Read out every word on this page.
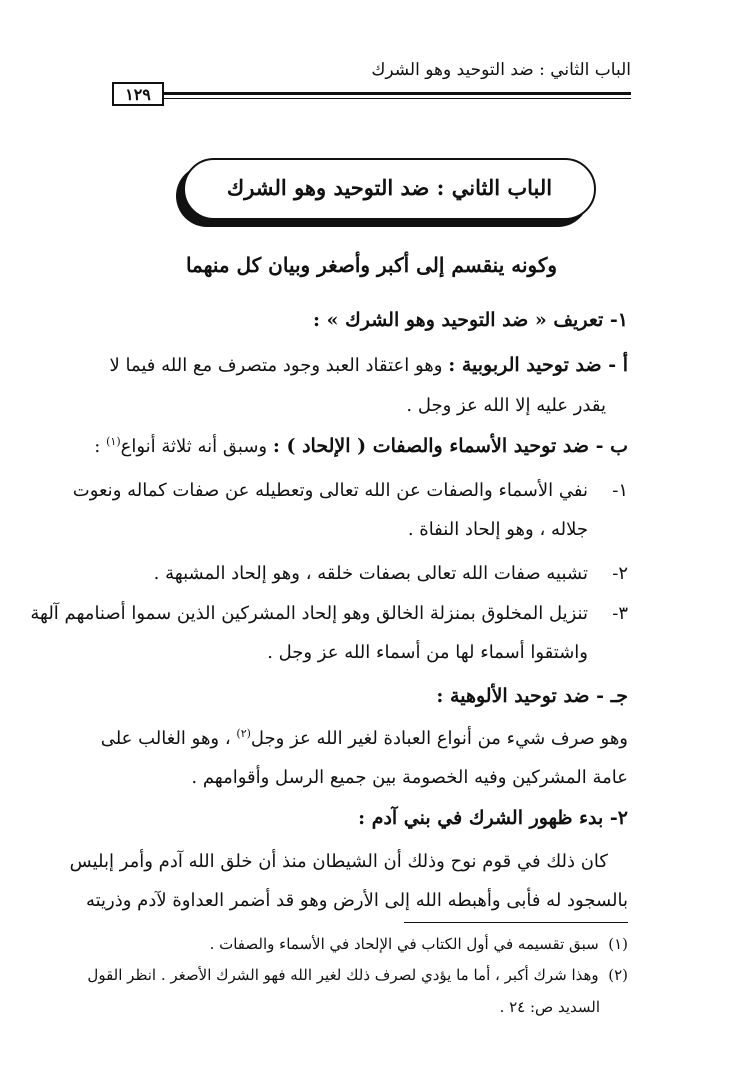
الباب الثاني : ضد التوحيد وهو الشرك
١٢٩
الباب الثاني : ضد التوحيد وهو الشرك
وكونه ينقسم إلى أكبر وأصغر وبيان كل منهما
١- تعريف « ضد التوحيد وهو الشرك » :
أ - ضد توحيد الربوبية : وهو اعتقاد العبد وجود متصرف مع الله فيما لا
يقدر عليه إلا الله عز وجل .
ب - ضد توحيد الأسماء والصفات ( الإلحاد ) : وسبق أنه ثلاثة أنواع$^{(١)}$ :
١-نفي الأسماء والصفات عن الله تعالى وتعطيله عن صفات كماله ونعوت
جلاله ، وهو إلحاد النفاة .
٢-تشبيه صفات الله تعالى بصفات خلقه ، وهو إلحاد المشبهة .
٣-تنزيل المخلوق بمنزلة الخالق وهو إلحاد المشركين الذين سموا أصنامهم آلهة
واشتقوا أسماء لها من أسماء الله عز وجل .
جـ - ضد توحيد الألوهية :
وهو صرف شيء من أنواع العبادة لغير الله عز وجل$^{(٢)}$ ، وهو الغالب على
عامة المشركين وفيه الخصومة بين جميع الرسل وأقوامهم .
٢- بدء ظهور الشرك في بني آدم :
كان ذلك في قوم نوح وذلك أن الشيطان منذ أن خلق الله آدم وأمر إبليس
بالسجود له فأبى وأهبطه الله إلى الأرض وهو قد أضمر العداوة لآدم وذريته
(١)  سبق تقسيمه في أول الكتاب في الإلحاد في الأسماء والصفات .
(٢)  وهذا شرك أكبر ، أما ما يؤدي لصرف ذلك لغير الله فهو الشرك الأصغر . انظر القول
السديد ص: ٢٤ .
